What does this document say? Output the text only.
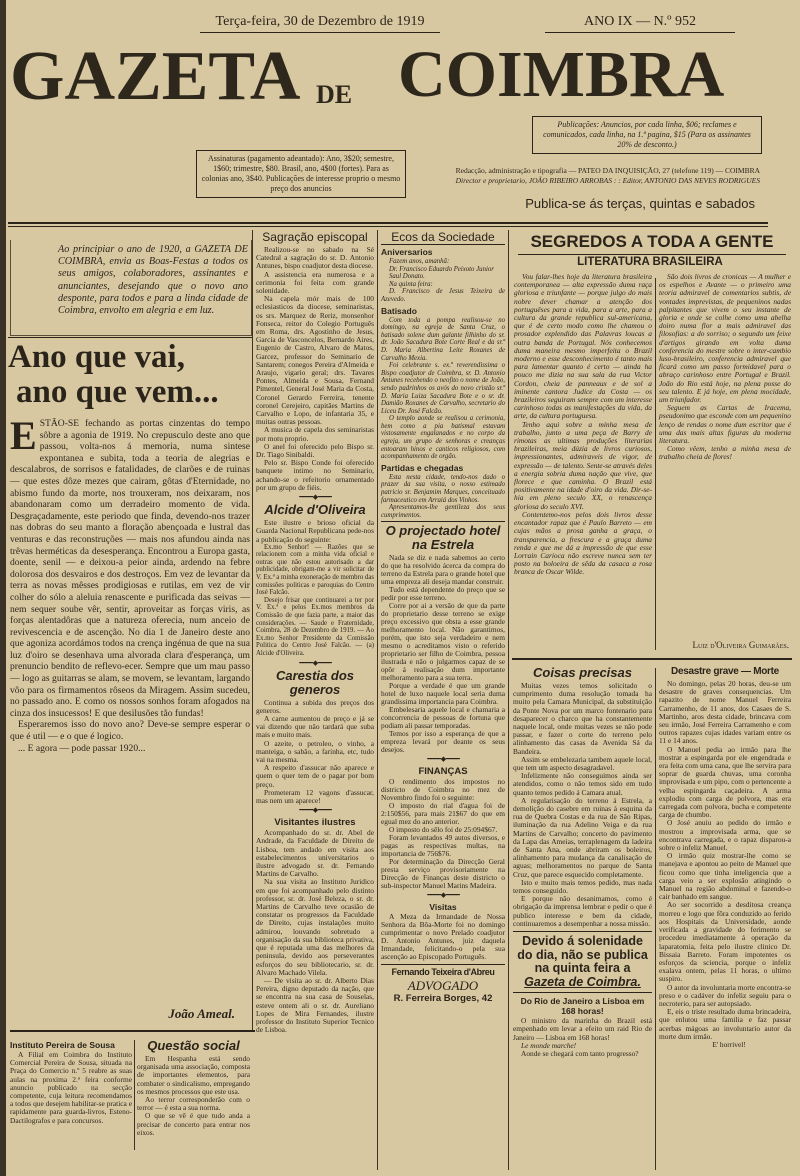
Terça-feira, 30 de Dezembro de 1919	ANO IX — N.º 952
GAZETA DE COIMBRA
Publicações: Anuncios, por cada linha, $06; reclames e comunicados, cada linha, na 1.ª pagina, $15 (Para os assinantes 20% de desconto.)
Assinaturas (pagamento adeantado): Ano, 3$20; semestre, 1$60; trimestre, $80. Brasil, ano, 4$00 (fortes). Para as colonias ano, 3$40. Publicações de interesse proprio o mesmo preço dos anuncios
Redacção, administração e tipografia — PATEO DA INQUISIÇÃO, 27 (telefone 119) — COIMBRA
Director e proprietario, JOÃO RIBEIRO ARROBAS : : Editor, ANTONIO DAS NEVES RODRIGUES
Publica-se ás terças, quintas e sabados
Ao principiar o ano de 1920, a GAZETA DE COIMBRA, envia as Boas-Festas a todos os seus amigos, colaboradores, assinantes e anunciantes, desejando que o novo ano desponte, para todos e para a linda cidade de Coimbra, envolto em alegria e em luz.
Ano que vai,
ano que vem...
E STÃO-SE fechando as portas cinzentas do tempo sôbre a agonia de 1919. No crepusculo deste ano que passou, volta-nos á memoria, numa sintese expontanea e subita, toda a teoria de alegrias e descalabros, de sorrisos e fatalidades, de clarões e de ruinas — que estes dôze mezes que cairam, gôtas d'Eternidade, no abismo fundo da morte, nos trouxeram, nos deixaram, nos abandonaram como um derradeiro momento de vida. Desgraçadamente, este periodo que finda, devendo-nos trazer nas dobras do seu manto a floração abençoada e lustral das venturas e das reconstruções — mais nos afundou ainda nas trêvas herméticas da desesperança. Encontrou a Europa gasta, doente, senil — e deixou-a peior ainda, ardendo na febre dolorosa dos desvairos e dos destroços. Em vez de levantar da terra as novas mêsses prodigiosas e rutilas, em vez de vir colher do sólo a aleluia renascente e purificada das seivas — nem sequer soube vêr, sentir, aproveitar as forças viris, as forças alentadôras que a natureza oferecia, num anceio de revivescencia e de ascenção. No dia 1 de Janeiro deste ano que agoniza acordámos todos na crença ingénua de que na sua luz d'oiro se desenhava uma alvorada clara d'esperança, um prenuncio bendito de reflevo-ecer. Sempre que um mau passo — logo as guitarras se alam, se movem, se levantam, largando vôo para os firmamentos rôseos da Miragem. Assim sucedeu, no passado ano. E como os nossos sonhos foram afogados na cinza dos insucessos! E que desilusões tão fundas!

Esperaremos isso do novo ano? Deve-se sempre esperar o que é util — e o que é logico.

... E agora — pode passar 1920...

João Ameal.
Instituto Pereira de Sousa

A Filial em Coimbra do Instituto Comercial Pereira de Sousa, situada na Praça do Comercio n.º 5 reabre as suas aulas na proxima 2.ª feira conforme anuncio publicado na secção competente, cuja leitura recomendamos a todos que desejem habilitar-se pratica e rapidamente para guarda-livros, Esteno-Dactilografos e para concursos.

Questão social

Em Hespanha está sendo organisada uma associação, composta de importantes elementos, para combater o sindicalismo, empregando os mesmos processos que este usa.

Ao terror corresponderão com o terror — é esta a sua norma.

O que se vê é que tudo anda a precisar de concerto para entrar nos eixos.

Sagração episcopal

Realizou-se no sabado na Sé Catedral a sagração do sr. D. Antonio Antunes, bispo coadjutor desta diocese.

A assistencia era numerosa e a cerimonia foi feita com grande solenidade.

Na capela mór mais de 100 eclesiasticos da diocese, seminaristas, os srs. Marquez de Reriz, monsenhor Fonseca, reitor do Colegio Português em Roma, drs. Agostinho de Jesus, Garcia de Vasconcelos, Bernardo Aires, Eugenio de Castro, Alvaro de Matos, Garcez, professor do Seminario de Santarem; conegos Pereira d'Almeida e Araujo, vigario geral; drs. Tavares Pontes, Almeida e Sousa, Fernand Pimentel, General José Maria da Costa, Coronel Gerardo Ferreira, tenente coronel Cerejeiro, capitães Martins de Carvalho e Lopo, de infantaria 35, e muitas outras pessoas.

A musica de capela dos seminaristas por motu proprio.

O anel foi oferecido pelo Bispo sr. Dr. Tiago Sinibaldi.

Pelo sr. Bispo Conde foi oferecido banquete intimo no Seminario, achando-se o refeitorio ornamentado por um grupo de fiéis.

━━━━ ◆ ━━━━
Alcide d'Oliveira

Este ilustre e brioso oficial da Guarda Nacional Republicana pede-nos a publicação do seguinte:

Ex.mo Senhor! — Razões que se relacionem com a minha vida oficial e outras que não estou autorisado a dar publicidade, obrigam-me a vir solicitar de V. Ex.ª a minha exoneração de membro das comissões politicas e paroquias do Centro José Falcão.

Desejo frisar que continuarei a ter por V. Ex.ª e pelos Ex.mos membros da Comissão de que fazia parte, a maior das considerações. — Saude e Fraternidade, Coimbra, 28 de Dezembro de 1919. — Ao Ex.mo Senhor Presidente da Comissão Politica do Centro José Falcão. — (a) Alcide d'Oliveira.

━━━━ ◆ ━━━━
Carestia dos generos

Continua a subida dos preços dos generos.

A carne aumentou de preço e já se vai dizendo que não tardará que suba mais e muito mais.

O azeite, o petroleo, o vinho, a manteiga, o sabão, a farinha, etc, tudo vai na mesma.

A respeito d'assucar não aparece e quem o quer tem de o pagar por bom preço.

Prometeram 12 vagons d'assucar, mas nem um aparece!

━━━━ ◆ ━━━━
Visitantes ilustres

Acompanhado do sr. dr. Abel de Andrade, da Faculdade de Direito de Lisboa, tem andado em visita aos estabelecimentos universitarios o ilustre advogado sr. dr. Fernando Martins de Carvalho.

Na sua visita ao Instituto Juridico em que foi acompanhado pelo distinto professor, sr. dr. José Beleza, o sr. dr. Martins de Carvalho teve ocasião de constatar os progressos da Faculdade de Direito, cujas instalações muito admirou, louvando sobretudo a organisação da sua biblioteca privativa, que é reputada uma das melhores da peninsula, devido aos perseverantes esforços do seu bibliotecario, sr. dr. Alvaro Machado Vilela.

— De visita ao sr. dr. Alberto Dias Pereira, digno deputado da nação, que se encontra na sua casa de Souselas, esteve ontem ali o sr. dr. Aureliano Lopes de Mira Fernandes, ilustre professor do Instituto Superior Tecnico de Lisboa.

Ecos da Sociedade
Aniversarios

Fazem anos, amanhã:

Dr. Francisco Eduardo Peixoto Junior

Saul Donato.

Na quinta feira:

D. Francisco de Jesus Teixeira de Azevedo.

Batisado

Com toda a pompa realisou-se no domingo, na egreja de Santa Cruz, o batisado solene dum galante filhinho do sr. dr. João Sacadura Bote Corte Real e da sr.ª D. Maria Albertina Leite Roxanes de Carvalho Mexia.

Foi celebrante s. ex.ª reverendissima o Bispo coadjutor de Coimbra, sr. D. Antonio Antunes recebendo o neofito o nome de João, sendo padrinhos os avós do novo cristão sr.ª D. Maria Luiza Sacadura Bote e o sr. dr. Damião Roxanes de Carvalho, secretario do Liceu Dr. José Falcão.

O templo aonde se realisou a cerimonia, bem como a pia batismal estavam vistosamente engalanados e no corpo da egreja, um grupo de senhoras e creanças entoaram hinos e canticos religiosos, com acompanhamento de orgão.

Partidas e chegadas

Esta nesta cidade, tendo-nos dado o prazer da sua visita, o nosso estimado patricio sr. Benjamim Marques, conceituado farmaceutico em Arraiá dos Vinhos.

Apresentamos-lhe gentileza dos seus cumprimentos.

O projectado hotel na Estrela

Nada se diz e nada sabemos ao certo do que ha resolvido ácerca da compra do terreno da Estrela para o grande hotel que uma empreza ali deseja mandar construir.

Tudo está dependente do preço que se pedir por esse terreno.

Corre por ai a versão de que da parte do proprietario desse terreno se exige preço excessivo que obsta a esse grande melhoramento local. Não garantimos, porém, que isto seja verdadeiro e nem mesmo o acreditamos visto o referido proprietario ser filho de Coimbra, pessoa ilustrada e não o julgarmos capaz de se opôr á realisação dum importante melhoramento para a sua terra.

Porque a verdade é que um grande hotel de luxo naquele local seria duma grandissima importancia para Coimbra.

Embelesaria aquele local e chamaria a concorrencia de pessoas de fortuna que podiam ali passar temporadas.

Temos por isso a esperança de que a empreza levará por deante os seus desejos.

━━━━ ◆ ━━━━
FINANÇAS

O rendimento dos impostos no districto de Coimbra no mez de Novembro findo foi o seguinte:

O imposto do rial d'agua foi de 2:150$56, para mais 21$67 do que em egual mez do ano anterior.

O imposto do sêlo foi de 25:094$67.

Foram levantados 49 autos diversos, e pagas as respectivas multas, na importancia de 756$76.

Por determinação da Direcção Geral presta serviço provisoriamente na Direcção de Finanças deste districto o sub-inspector Manuel Marins Madeira.

━━━━ ◆ ━━━━
Visitas

A Meza da Irmandade de Nossa Senhora da Bôa-Morte foi no domingo cumprimentar o novo Prelado coadjutor D. Antonio Antunes, juiz daquela Irmandade, felicitando-o pela sua ascenção ao Episcopado Português.

Fernando Teixeira d'Abreu
ADVOGADO
R. Ferreira Borges, 42
SEGREDOS A TODA A GENTE
LITERATURA BRASILEIRA

Vou falar-lhes hoje da literatura brasileira contemporanea — alta expressão duma raça gloriosa e triunfante — porque julgo do mais nobre dever chamar a atenção dos portuguêses para a vida, para a arte, para a cultura da grande republica sul-americana, que é de certo modo como lhe chamou o prosador explendido das Palavras loucas a outra banda de Portugal. Nós conhecemos duma maneira mesmo imperfeita o Brazil moderno e esse desconhecimento é tanto mais para lamentar quanto é certo — ainda ha pouco me dizia na sua sala da rua Victor Cordon, cheia de panneaux e de sol a iminente cantora Judice da Costa — os brazileiros seguiram sempre com um interesse carinhoso todas as manifestações da vida, da arte, da cultura portuguesa.

Tenho aqui sobre a minha mesa de trabalho, junto a uma peça de Barry de rimotas as ultimas produções literarias brazileiras, meia dúzia de livros curiosos, impressionantes, admiraveis de vigor, de expressão — de talento. Sente-se através deles a energia sobria duma nação que vive, que florece e que caminha. O Brazil está positivamente na idade d'oiro da vida. Dir-se-hia em pleno seculo XX, o renascença gloriosa do seculo XVI.

Contentemo-nos pelos dois livros desse encantador rapaz que é Paulo Barreto — em cujas mãos a prosa ganha a graça, o transparencia, a frescura e a graça duma renda e que me dá a impressão de que esse Lorrain Carioca não escreve nunca sem ter posto na boloeira de sêda da casaca a rosa branca de Oscar Wilde.

São dois livros de cronicas — A mulher e os espelhos e Avante — o primeiro uma teoria admiravel de comentarios subtis, de vontades imprevistas, de pequeninos nadas palpitantes que vivem o seu instante de gloria e onde se colhe como uma abelha doiro numa flor a mais admiravel das filosofias: a do sorriso; o segundo um feixe d'artigos girando em volta duma conferencia do mestre sobre o inter-cambio luso-brasileiro, conferencia admiravel que ficará como um passo formidavel para o abraço carinhoso entre Portugal e Brazil. João do Rio está hoje, na plena posse do seu talento. E já hoje, em plena mocidade, um triunfador.

Seguem as Cartas de Iracema, pseudonimo que esconde com um pequenino lenço de rendas o nome dum escritor que é uma das mais altas figuras da moderna literatura.

Como vêem, tenho a minha mesa de trabalho cheia de flores!

Luiz d'Oliveira Guimarães.
Coisas precisas

Muitas vezes temos solicitado o cumprimento duma resolução tomada ha muito pela Camara Municipal, da substituição da Ponte Nova por um marco fontenario para desaparecer o charco que ha constantemente naquele local, onde muitas vezes se não pode passar, e fazer o corte do terreno pelo alinhamento das casas da Avenida Sá da Bandeira.

Assim se embelezaria tambem aquele local, que tem um aspecto desagradavel.

Infelizmente não conseguimos ainda ser atendidos, como o não temos sido em tudo quanto temos pedido á Camara atual.

A regularisação do terreno á Estrela, a demolição do casebre em ruinas á esquina da rua de Quebra Costas e da rua de São Ripas, iluminação da rua Adelino Veiga e da rua Martins de Carvalho; concerto do pavimento da Lapa das Ameias, terraplenagem da ladeira de Santa Ana, onde abriram os boleiros, alinhamento para mudança da canalisação de aguas; melhoramentos no parque de Santa Cruz, que parece esquecido completamente.

Isto e muito mais temos pedido, mas nada temos conseguido.

E porque não desanimamos, como é obrigação da imprensa lembrar e pedir o que é publico interesse e bem da cidade, continuaremos a desempenhar a nossa missão.

Devido á solenidade do dia, não se publica na quinta feira a Gazeta de Coimbra.
Do Rio de Janeiro a Lisboa em 168 horas!

O ministro da marinha do Brazil está empenhado em levar a efeito um raid Rio de Janeiro — Lisboa em 168 horas!

Le monde marche!

Aonde se chegará com tanto progresso?

Desastre grave — Morte

No domingo, pelas 20 horas, deu-se um desastre de graves consequencias. Um rapazito de nome Manuel Ferreira Carramenho, de 11 anos, dos Casaes de S. Martinho, aros desta cidade, brincava com seu irmão, José Ferreira Carramenho e com outros rapazes cujas idades variam entre os 11 e 14 anos.

O Manuel pedia ao irmão para lhe mostrar a espingarda por ele engendrada e era feita com uma cana, que lhe servira para soprar de guarda chuvas, uma coronha improvisada e um pipo, com o pertencente a velha espingarda caçadeira. A arma explodiu com carga de polvora, mas era carregada com polvora, bucha e competente carga de chumbo.

O José anuiu ao pedido do irmão e mostrou a improvisada arma, que se encontrava carregada, e o rapaz disparou-a sobre o infeliz Manuel.

O irmão quiz mostrar-lhe como se manejava e apontou ao peito de Manuel que ficou como que tinha inteligencia que a carga veio a ser explosão atingindo o Manuel na região abdominal e fazendo-o cair banhado em sangue.

Ao ser socorrido a desditosa creança morreu e logo que fôra conduzido ao ferido aos Hospitais da Universidade, aonde verificada a gravidade do ferimento se procedeu imediatamente á operação da laparatomia, feita pelo ilustre clinico Dr. Bissaia Barreto. Foram impotentes os esforços da sciencia, porque o infeliz exalava ontem, pelas 11 horas, o ultimo suspiro.

O autor da involuntaria morte encontra-se preso e o cadáver do infeliz seguiu para o necroterio, para ser autopsiado.

E, eis o triste resultado duma brincadeira, que enlutou uma familia e faz passar acerbas mágoas ao involuntario autor da morte dum irmão.

E' horrivel!
